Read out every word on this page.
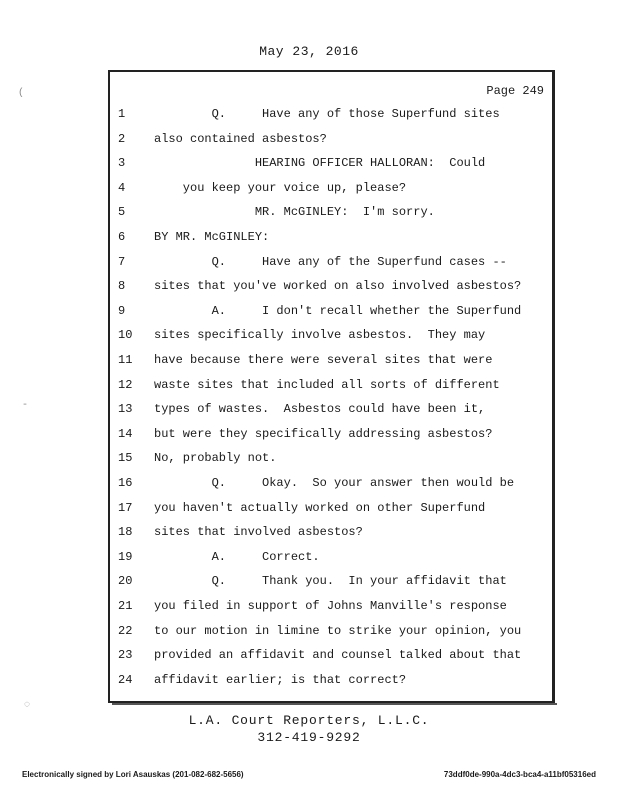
May 23, 2016
Page 249
1	Q.     Have any of those Superfund sites
2	also contained asbestos?
3	HEARING OFFICER HALLORAN:  Could
4	you keep your voice up, please?
5	MR. McGINLEY:  I'm sorry.
6	BY MR. McGINLEY:
7	Q.     Have any of the Superfund cases --
8	sites that you've worked on also involved asbestos?
9	A.     I don't recall whether the Superfund
10	sites specifically involve asbestos.  They may
11	have because there were several sites that were
12	waste sites that included all sorts of different
13	types of wastes.  Asbestos could have been it,
14	but were they specifically addressing asbestos?
15	No, probably not.
16	Q.     Okay.  So your answer then would be
17	you haven't actually worked on other Superfund
18	sites that involved asbestos?
19	A.     Correct.
20	Q.     Thank you.  In your affidavit that
21	you filed in support of Johns Manville's response
22	to our motion in limine to strike your opinion, you
23	provided an affidavit and counsel talked about that
24	affidavit earlier; is that correct?
L.A. Court Reporters, L.L.C.
312-419-9292
Electronically signed by Lori Asauskas (201-082-682-5656)	73ddf0de-990a-4dc3-bca4-a11bf05316ed
(
-
◌
